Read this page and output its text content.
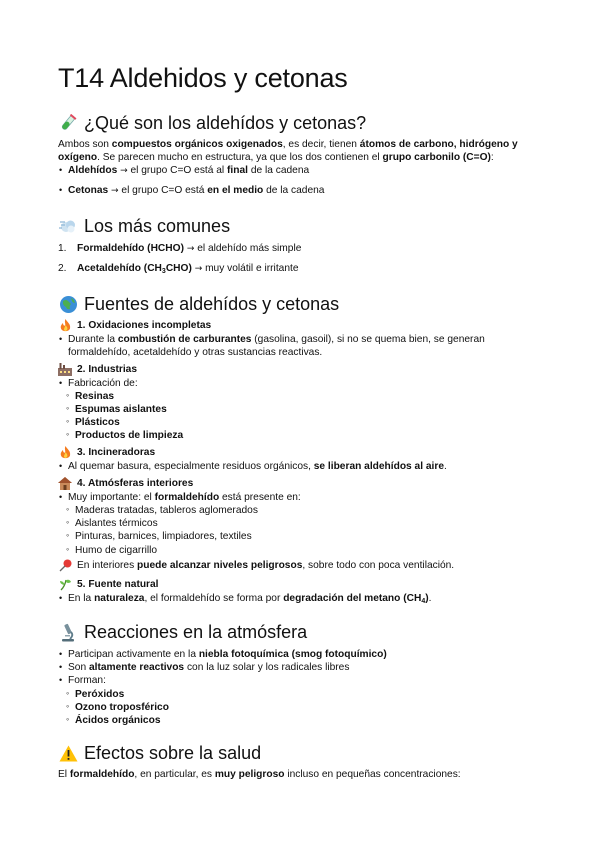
T14 Aldehidos y cetonas
¿Qué son los aldehídos y cetonas?

Ambos son compuestos orgánicos oxigenados, es decir, tienen átomos de carbono, hidrógeno y oxígeno. Se parecen mucho en estructura, ya que los dos contienen el grupo carbonilo (C=O):

• Aldehídos → el grupo C=O está al final de la cadena
• Cetonas → el grupo C=O está en el medio de la cadena
Los más comunes
1. Formaldehído (HCHO) → el aldehído más simple
2. Acetaldehído $(CH_3CHO)$ → muy volátil e irritante
Fuentes de aldehídos y cetonas
1. Oxidaciones incompletas
• Durante la combustión de carburantes (gasolina, gasoil), si no se quema bien, se generan formaldehído, acetaldehído y otras sustancias reactivas.
2. Industrias
• Fabricación de:
◦ Resinas
◦ Espumas aislantes
◦ Plásticos
◦ Productos de limpieza
3. Incineradoras
• Al quemar basura, especialmente residuos orgánicos, se liberan aldehídos al aire.
4. Atmósferas interiores
• Muy importante: el formaldehído está presente en:
◦ Maderas tratadas, tableros aglomerados
◦ Aislantes térmicos
◦ Pinturas, barnices, limpiadores, textiles
◦ Humo de cigarrillo
En interiores puede alcanzar niveles peligrosos, sobre todo con poca ventilación.
5. Fuente natural
• En la naturaleza, el formaldehído se forma por degradación del metano $(CH_4)$.
Reacciones en la atmósfera
• Participan activamente en la niebla fotoquímica (smog fotoquímico)
• Son altamente reactivos con la luz solar y los radicales libres
• Forman:
◦ Peróxidos
◦ Ozono troposférico
◦ Ácidos orgánicos
Efectos sobre la salud

El formaldehído, en particular, es muy peligroso incluso en pequeñas concentraciones:
